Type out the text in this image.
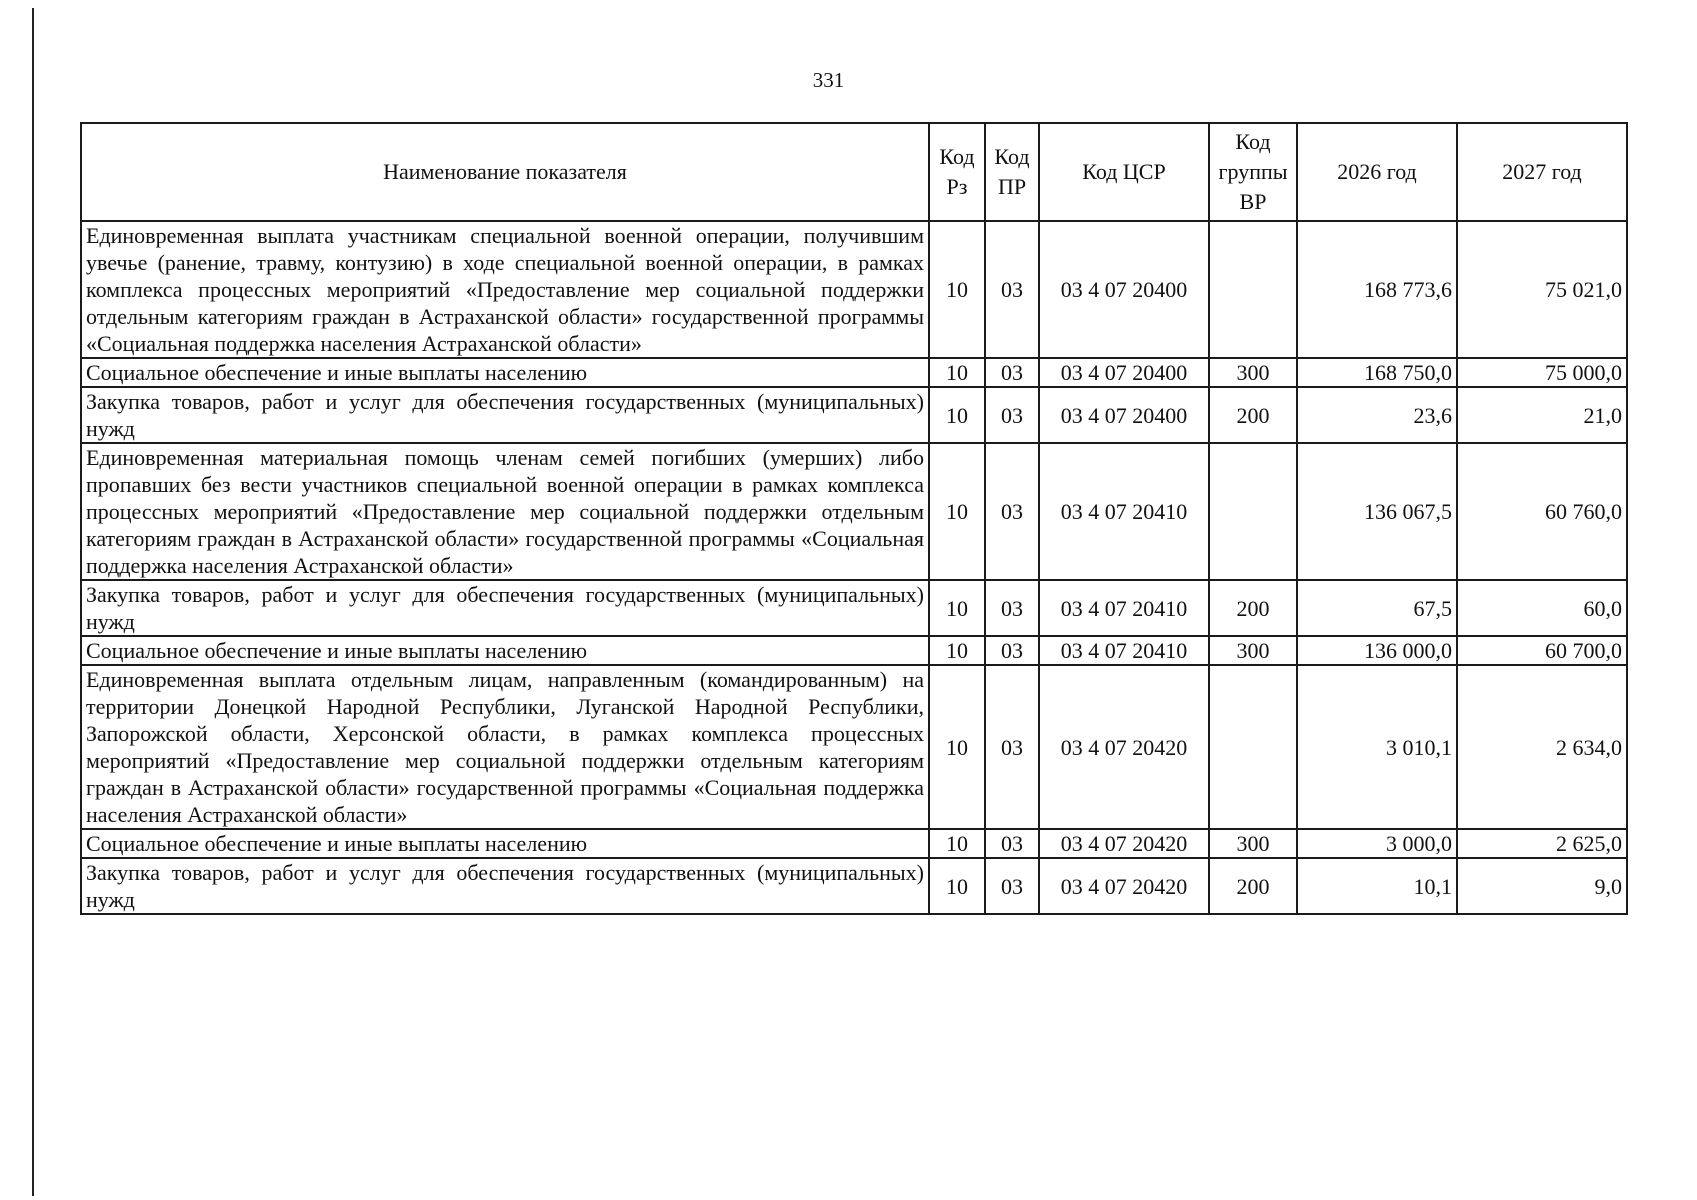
331
Наименование показателя	Код Рз	Код ПР	Код ЦСР	Код группы ВР	2026 год	2027 год
Единовременная выплата участникам специальной военной операции, получившим увечье (ранение, травму, контузию) в ходе специальной военной операции, в рамках комплекса процессных мероприятий «Предоставление мер социальной поддержки отдельным категориям граждан в Астраханской области» государственной программы «Социальная поддержка населения Астраханской области»	10	03	03 4 07 20400		168 773,6	75 021,0
Социальное обеспечение и иные выплаты населению	10	03	03 4 07 20400	300	168 750,0	75 000,0
Закупка товаров, работ и услуг для обеспечения государственных (муниципальных) нужд	10	03	03 4 07 20400	200	23,6	21,0
Единовременная материальная помощь членам семей погибших (умерших) либо пропавших без вести участников специальной военной операции в рамках комплекса процессных мероприятий «Предоставление мер социальной поддержки отдельным категориям граждан в Астраханской области» государственной программы «Социальная поддержка населения Астраханской области»	10	03	03 4 07 20410		136 067,5	60 760,0
Закупка товаров, работ и услуг для обеспечения государственных (муниципальных) нужд	10	03	03 4 07 20410	200	67,5	60,0
Социальное обеспечение и иные выплаты населению	10	03	03 4 07 20410	300	136 000,0	60 700,0
Единовременная выплата отдельным лицам, направленным (командированным) на территории Донецкой Народной Республики, Луганской Народной Республики, Запорожской области, Херсонской области, в рамках комплекса процессных мероприятий «Предоставление мер социальной поддержки отдельным категориям граждан в Астраханской области» государственной программы «Социальная поддержка населения Астраханской области»	10	03	03 4 07 20420		3 010,1	2 634,0
Социальное обеспечение и иные выплаты населению	10	03	03 4 07 20420	300	3 000,0	2 625,0
Закупка товаров, работ и услуг для обеспечения государственных (муниципальных) нужд	10	03	03 4 07 20420	200	10,1	9,0
